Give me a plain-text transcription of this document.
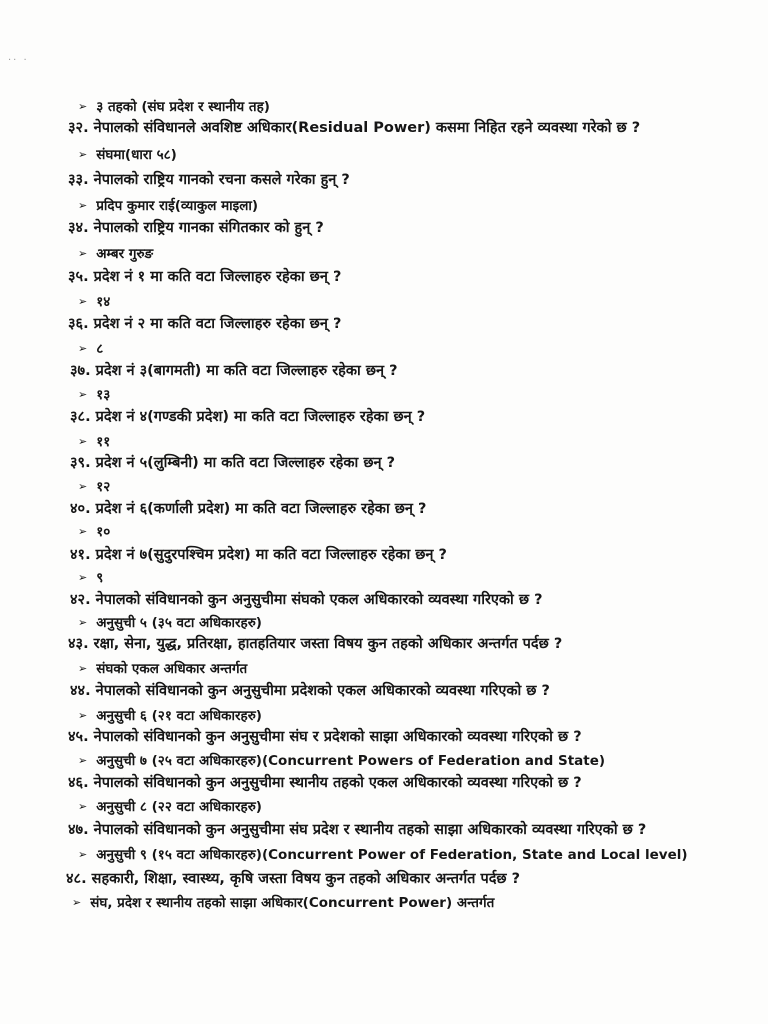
.. .
➢ ३ तहको (संघ प्रदेश र स्थानीय तह)
३२. नेपालको संविधानले अवशिष्ट अधिकार(Residual Power) कसमा निहित रहने व्यवस्था गरेको छ ?
➢ संघमा(धारा ५८)
३३. नेपालको राष्ट्रिय गानको रचना कसले गरेका हुन् ?
➢ प्रदिप कुमार राई(व्याकुल माइला)
३४. नेपालको राष्ट्रिय गानका संगितकार को हुन् ?
➢ अम्बर गुरुङ
३५. प्रदेश नं १ मा कति वटा जिल्लाहरु रहेका छन् ?
➢ १४
३६. प्रदेश नं २ मा कति वटा जिल्लाहरु रहेका छन् ?
➢ ८
३७. प्रदेश नं ३(बागमती) मा कति वटा जिल्लाहरु रहेका छन् ?
➢ १३
३८. प्रदेश नं ४(गण्डकी प्रदेश) मा कति वटा जिल्लाहरु रहेका छन् ?
➢ ११
३९. प्रदेश नं ५(लुम्बिनी) मा कति वटा जिल्लाहरु रहेका छन् ?
➢ १२
४०. प्रदेश नं ६(कर्णाली प्रदेश) मा कति वटा जिल्लाहरु रहेका छन् ?
➢ १०
४१. प्रदेश नं ७(सुदुरपश्चिम प्रदेश) मा कति वटा जिल्लाहरु रहेका छन् ?
➢ ९
४२. नेपालको संविधानको कुन अनुसुचीमा संघको एकल अधिकारको व्यवस्था गरिएको छ ?
➢ अनुसुची ५ (३५ वटा अधिकारहरु)
४३. रक्षा, सेना, युद्ध, प्रतिरक्षा, हातहतियार जस्ता विषय कुन तहको अधिकार अन्तर्गत पर्दछ ?
➢ संघको एकल अधिकार अन्तर्गत
४४. नेपालको संविधानको कुन अनुसुचीमा प्रदेशको एकल अधिकारको व्यवस्था गरिएको छ ?
➢ अनुसुची ६ (२१ वटा अधिकारहरु)
४५. नेपालको संविधानको कुन अनुसुचीमा संघ र प्रदेशको साझा अधिकारको व्यवस्था गरिएको छ ?
➢ अनुसुची ७ (२५ वटा अधिकारहरु)(Concurrent Powers of Federation and State)
४६. नेपालको संविधानको कुन अनुसुचीमा स्थानीय तहको एकल अधिकारको व्यवस्था गरिएको छ ?
➢ अनुसुची ८ (२२ वटा अधिकारहरु)
४७. नेपालको संविधानको कुन अनुसुचीमा संघ प्रदेश र स्थानीय तहको साझा अधिकारको व्यवस्था गरिएको छ ?
➢ अनुसुची ९ (१५ वटा अधिकारहरु)(Concurrent Power of Federation, State and Local level)
४८. सहकारी, शिक्षा, स्वास्थ्य, कृषि जस्ता विषय कुन तहको अधिकार अन्तर्गत पर्दछ ?
➢ संघ, प्रदेश र स्थानीय तहको साझा अधिकार(Concurrent Power) अन्तर्गत
